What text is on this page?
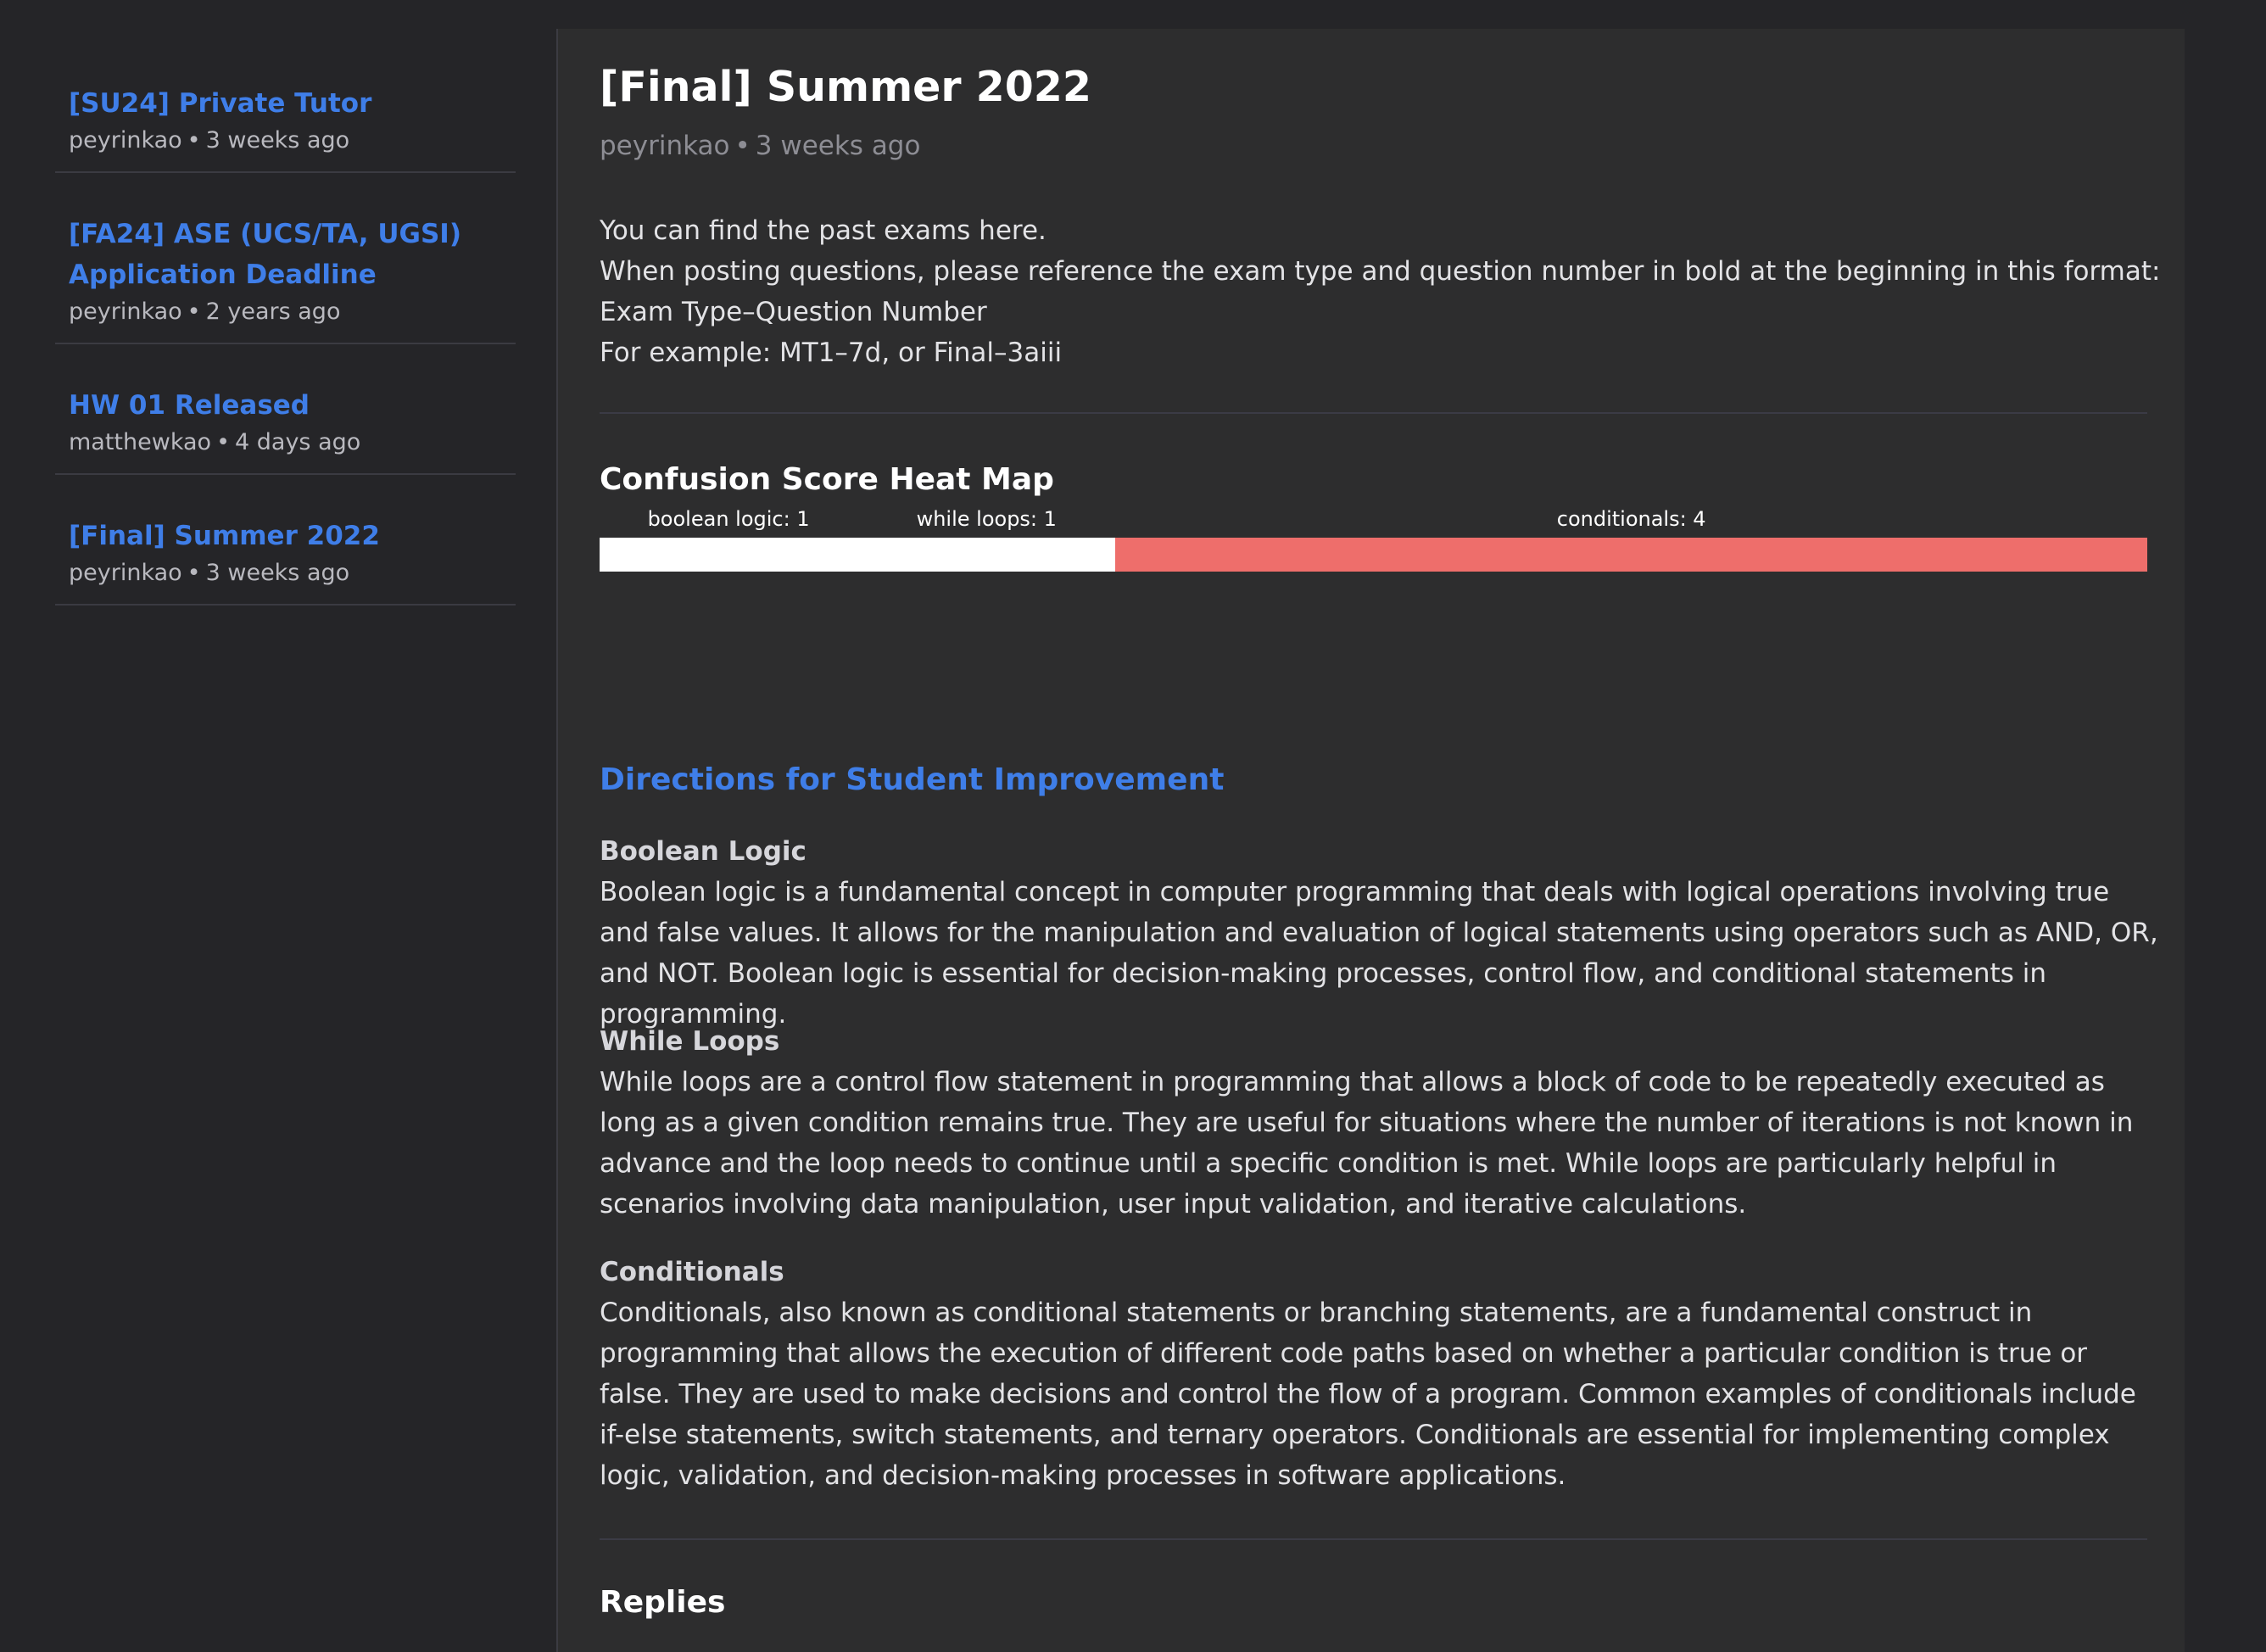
[SU24] Private Tutor

peyrinkao • 3 weeks ago

[FA24] ASE (UCS/TA, UGSI) Application Deadline

peyrinkao • 2 years ago

HW 01 Released

matthewkao • 4 days ago

[Final] Summer 2022

peyrinkao • 3 weeks ago
[Final] Summer 2022
peyrinkao • 3 weeks ago

You can find the past exams here.

When posting questions, please reference the exam type and question number in bold at the beginning in this format:

Exam Type–Question Number

For example: MT1–7d, or Final–3aiii

Confusion Score Heat Map
boolean logic: 1	while loops: 1	conditionals: 4
Directions for Student Improvement
Boolean Logic

Boolean logic is a fundamental concept in computer programming that deals with logical operations involving true and false values. It allows for the manipulation and evaluation of logical statements using operators such as AND, OR, and NOT. Boolean logic is essential for decision-making processes, control flow, and conditional statements in programming.

While Loops

While loops are a control flow statement in programming that allows a block of code to be repeatedly executed as long as a given condition remains true. They are useful for situations where the number of iterations is not known in advance and the loop needs to continue until a specific condition is met. While loops are particularly helpful in scenarios involving data manipulation, user input validation, and iterative calculations.

Conditionals

Conditionals, also known as conditional statements or branching statements, are a fundamental construct in programming that allows the execution of different code paths based on whether a particular condition is true or false. They are used to make decisions and control the flow of a program. Common examples of conditionals include if-else statements, switch statements, and ternary operators. Conditionals are essential for implementing complex logic, validation, and decision-making processes in software applications.

Replies
